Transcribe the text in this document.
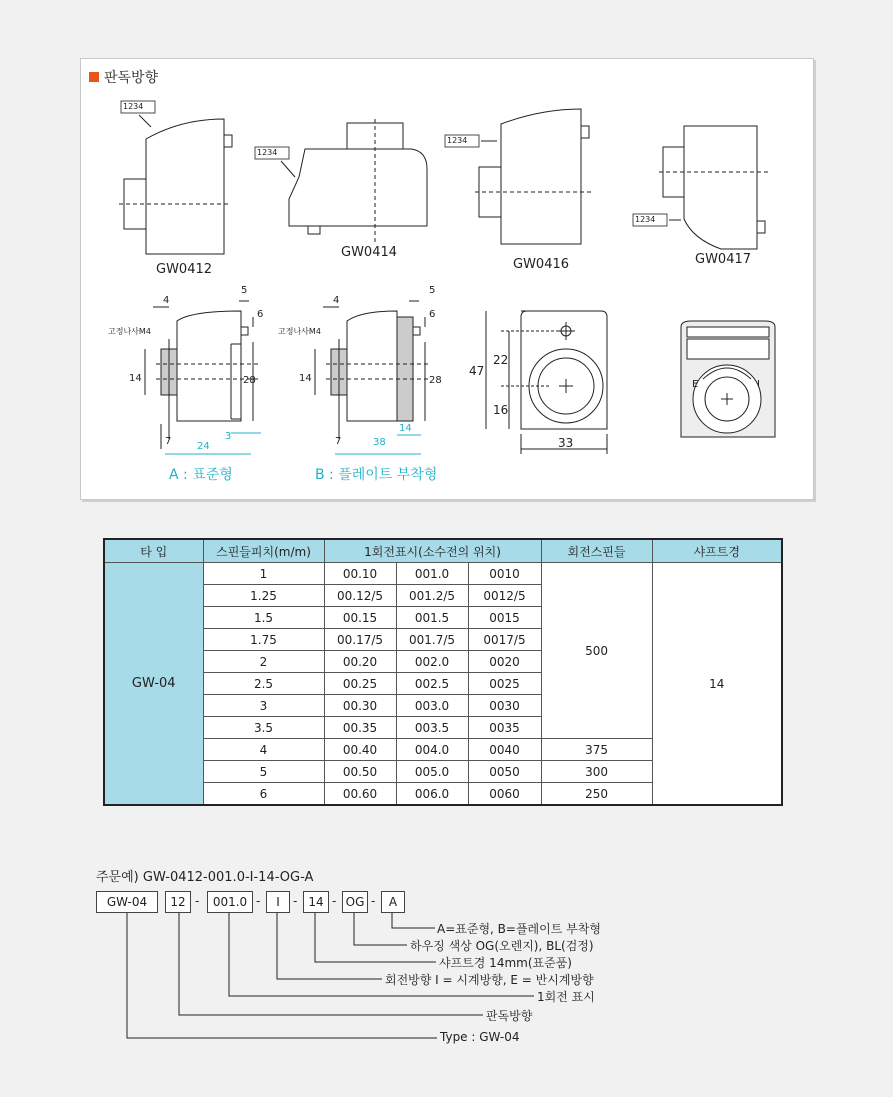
판독방향
GW0412
GW0414
GW0416	GW0417
1234
1234
1234
1234
고정나사M4
4
5
6
14	28
7	24
3
고정나사M4
4
5
6
14	28
7	38
14
47
22
16
33
E	I
A : 표준형	B : 플레이트 부착형
타 입	스핀들피치(m/m)	1회전표시(소수전의 위치)			회전스핀들	샤프트경
GW-04	1	00.10	001.0	0010	500	14
	1.25	00.12/5	001.2/5	0012/5		
	1.5	00.15	001.5	0015		
	1.75	00.17/5	001.7/5	0017/5		
	2	00.20	002.0	0020		
	2.5	00.25	002.5	0025		
	3	00.30	003.0	0030		
	3.5	00.35	003.5	0035		
	4	00.40	004.0	0040	375	
	5	00.50	005.0	0050	300	
	6	00.60	006.0	0060	250	
주문예) GW-0412-001.0-I-14-OG-A
GW-04	12 -	001.0 -	I	- 14 - OG -	A
A=표준형, B=플레이트 부착형
하우징 색상 OG(오렌지), BL(검정)
샤프트경 14mm(표준품)
회전방향 I = 시계방향, E = 반시계방향
1회전 표시
판독방향
Type : GW-04
